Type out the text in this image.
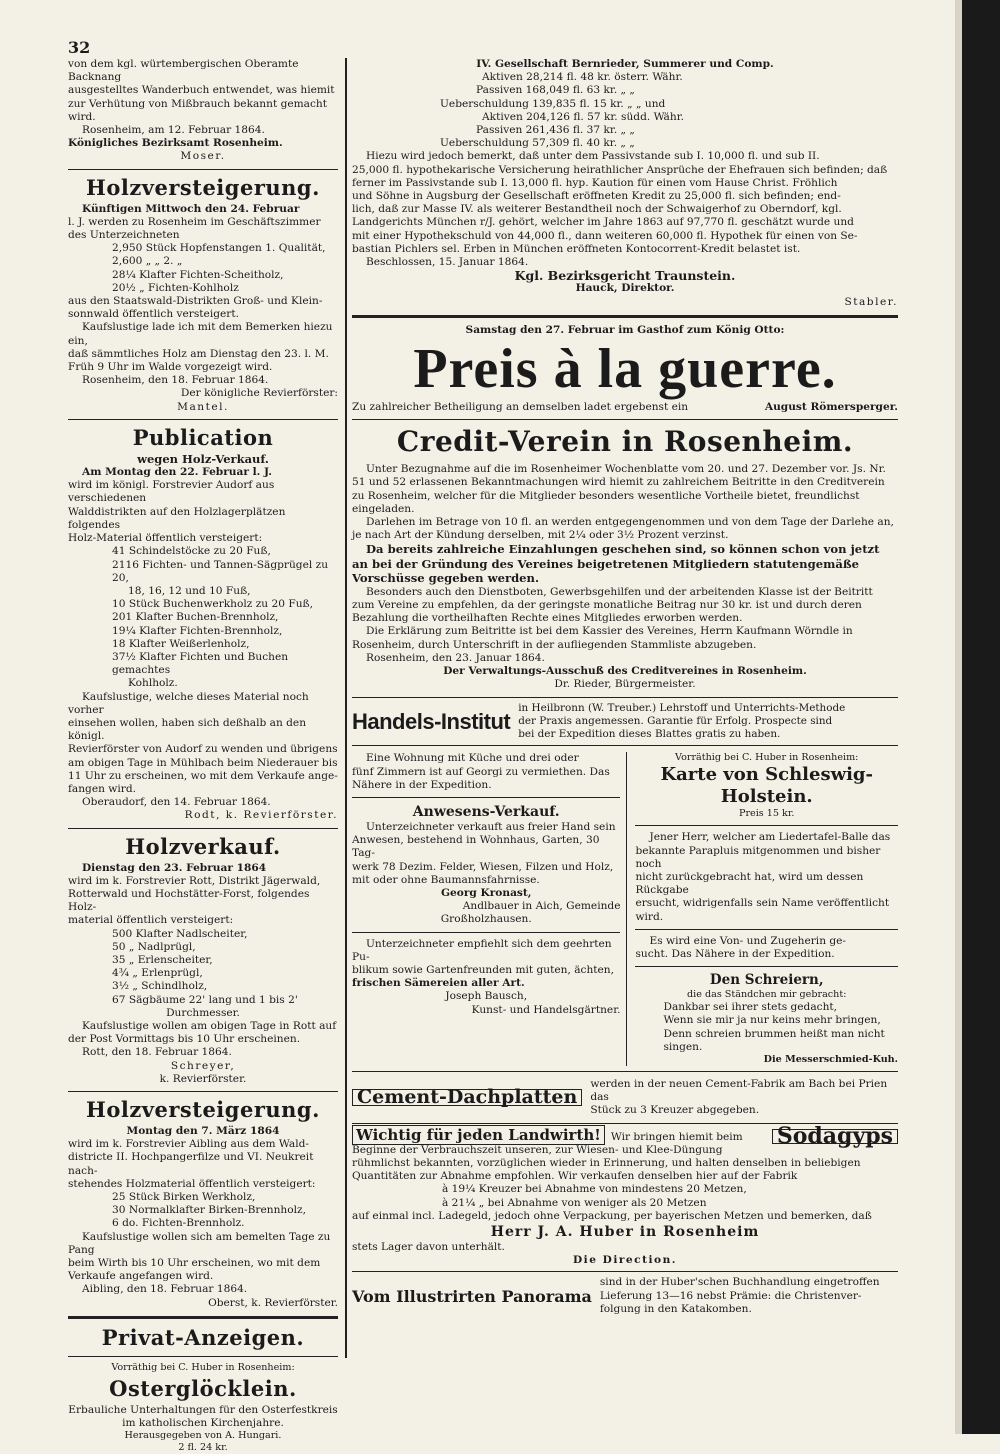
32

von dem kgl. würtembergischen Oberamte Backnang

ausgestelltes Wanderbuch entwendet, was hiemit

zur Verhütung von Mißbrauch bekannt gemacht

wird.

Rosenheim, am 12. Februar 1864.

Königliches Bezirksamt Rosenheim.

Moser.

Holzversteigerung.

Künftigen Mittwoch den 24. Februar

l. J. werden zu Rosenheim im Geschäftszimmer

des Unterzeichneten

2,950 Stück Hopfenstangen 1. Qualität,

2,600 „ „ 2. „

28¼ Klafter Fichten-Scheitholz,

20½ „ Fichten-Kohlholz

aus den Staatswald-Distrikten Groß- und Klein-

sonnwald öffentlich versteigert.

Kaufslustige lade ich mit dem Bemerken hiezu ein,

daß sämmtliches Holz am Dienstag den 23. l. M.

Früh 9 Uhr im Walde vorgezeigt wird.

Rosenheim, den 18. Februar 1864.

Der königliche Revierförster:

Mantel.

Publication

wegen Holz-Verkauf.

Am Montag den 22. Februar l. J.

wird im königl. Forstrevier Audorf aus verschiedenen

Walddistrikten auf den Holzlagerplätzen folgendes

Holz-Material öffentlich versteigert:

41 Schindelstöcke zu 20 Fuß,

2116 Fichten- und Tannen-Sägprügel zu 20,

18, 16, 12 und 10 Fuß,

10 Stück Buchenwerkholz zu 20 Fuß,

201 Klafter Buchen-Brennholz,

19¼ Klafter Fichten-Brennholz,

18 Klafter Weißerlenholz,

37½ Klafter Fichten und Buchen gemachtes

Kohlholz.

Kaufslustige, welche dieses Material noch vorher

einsehen wollen, haben sich deßhalb an den königl.

Revierförster von Audorf zu wenden und übrigens

am obigen Tage in Mühlbach beim Niederauer bis

11 Uhr zu erscheinen, wo mit dem Verkaufe ange-

fangen wird.

Oberaudorf, den 14. Februar 1864.

Rodt, k. Revierförster.

Holzverkauf.

Dienstag den 23. Februar 1864

wird im k. Forstrevier Rott, Distrikt Jägerwald,

Rotterwald und Hochstätter-Forst, folgendes Holz-

material öffentlich versteigert:

500 Klafter Nadlscheiter,

50 „ Nadlprügl,

35 „ Erlenscheiter,

4¾ „ Erlenprügl,

3½ „ Schindlholz,

67 Sägbäume 22' lang und 1 bis 2'

Durchmesser.

Kaufslustige wollen am obigen Tage in Rott auf

der Post Vormittags bis 10 Uhr erscheinen.

Rott, den 18. Februar 1864.

Schreyer,

k. Revierförster.

Holzversteigerung.

Montag den 7. März 1864

wird im k. Forstrevier Aibling aus dem Wald-

districte II. Hochpangerfilze und VI. Neukreit nach-

stehendes Holzmaterial öffentlich versteigert:

25 Stück Birken Werkholz,

30 Normalklafter Birken-Brennholz,

6 do. Fichten-Brennholz.

Kaufslustige wollen sich am bemelten Tage zu Pang

beim Wirth bis 10 Uhr erscheinen, wo mit dem

Verkaufe angefangen wird.

Aibling, den 18. Februar 1864.

Oberst, k. Revierförster.

Privat-Anzeigen.

Vorräthig bei C. Huber in Rosenheim:

Osterglöcklein.

Erbauliche Unterhaltungen für den Osterfestkreis

im katholischen Kirchenjahre.

Herausgegeben von A. Hungari.

2 fl. 24 kr.

IV. Gesellschaft Bernrieder, Summerer und Comp.

Aktiven 28,214 fl. 48 kr. österr. Währ.

Passiven 168,049 fl. 63 kr. „ „

Ueberschuldung 139,835 fl. 15 kr. „ „ und

Aktiven 204,126 fl. 57 kr. südd. Währ.

Passiven 261,436 fl. 37 kr. „ „

Ueberschuldung 57,309 fl. 40 kr. „ „

Hiezu wird jedoch bemerkt, daß unter dem Passivstande sub I. 10,000 fl. und sub II.

25,000 fl. hypothekarische Versicherung heirathlicher Ansprüche der Ehefrauen sich befinden; daß

ferner im Passivstande sub I. 13,000 fl. hyp. Kaution für einen vom Hause Christ. Fröhlich

und Söhne in Augsburg der Gesellschaft eröffneten Kredit zu 25,000 fl. sich befinden; end-

lich, daß zur Masse IV. als weiterer Bestandtheil noch der Schwaigerhof zu Oberndorf, kgl.

Landgerichts München r/J. gehört, welcher im Jahre 1863 auf 97,770 fl. geschätzt wurde und

mit einer Hypothekschuld von 44,000 fl., dann weiteren 60,000 fl. Hypothek für einen von Se-

bastian Pichlers sel. Erben in München eröffneten Kontocorrent-Kredit belastet ist.

Beschlossen, 15. Januar 1864.

Kgl. Bezirksgericht Traunstein.

Hauck, Direktor.

Stabler.

Samstag den 27. Februar im Gasthof zum König Otto:

Preis à la guerre.
Zu zahlreicher Betheiligung an demselben ladet ergebenst ein	August Römersperger.
Credit-Verein in Rosenheim.

Unter Bezugnahme auf die im Rosenheimer Wochenblatte vom 20. und 27. Dezember vor. Js. Nr. 51 und 52 erlassenen Bekanntmachungen wird hiemit zu zahlreichem Beitritte in den Creditverein zu Rosenheim, welcher für die Mitglieder besonders wesentliche Vortheile bietet, freundlichst eingeladen.

Darlehen im Betrage von 10 fl. an werden entgegengenommen und von dem Tage der Darlehe an, je nach Art der Kündung derselben, mit 2¼ oder 3½ Prozent verzinst.

Da bereits zahlreiche Einzahlungen geschehen sind, so können schon von jetzt an bei der Gründung des Vereines beigetretenen Mitgliedern statutengemäße Vorschüsse gegeben werden.

Besonders auch den Dienstboten, Gewerbsgehilfen und der arbeitenden Klasse ist der Beitritt zum Vereine zu empfehlen, da der geringste monatliche Beitrag nur 30 kr. ist und durch deren Bezahlung die vortheilhaften Rechte eines Mitgliedes erworben werden.

Die Erklärung zum Beitritte ist bei dem Kassier des Vereines, Herrn Kaufmann Wörndle in Rosenheim, durch Unterschrift in der aufliegenden Stammliste abzugeben.

Rosenheim, den 23. Januar 1864.

Der Verwaltungs-Ausschuß des Creditvereines in Rosenheim.

Dr. Rieder, Bürgermeister.

Handels-Institut

in Heilbronn (W. Treuber.) Lehrstoff und Unterrichts-Methode

der Praxis angemessen. Garantie für Erfolg. Prospecte sind

bei der Expedition dieses Blattes gratis zu haben.

Eine Wohnung mit Küche und drei oder

fünf Zimmern ist auf Georgi zu vermiethen. Das

Nähere in der Expedition.

Anwesens-Verkauf.

Unterzeichneter verkauft aus freier Hand sein

Anwesen, bestehend in Wohnhaus, Garten, 30 Tag-

werk 78 Dezim. Felder, Wiesen, Filzen und Holz,

mit oder ohne Baumannsfahrnisse.

Georg Kronast,

Andlbauer in Aich, Gemeinde

Großholzhausen.

Unterzeichneter empfiehlt sich dem geehrten Pu-

blikum sowie Gartenfreunden mit guten, ächten,

frischen Sämereien aller Art.

Joseph Bausch,

Kunst- und Handelsgärtner.

Vorräthig bei C. Huber in Rosenheim:

Karte von Schleswig-Holstein.

Preis 15 kr.

Jener Herr, welcher am Liedertafel-Balle das

bekannte Parapluis mitgenommen und bisher noch

nicht zurückgebracht hat, wird um dessen Rückgabe

ersucht, widrigenfalls sein Name veröffentlicht wird.

Es wird eine Von- und Zugeherin ge-

sucht. Das Nähere in der Expedition.

Den Schreiern,

die das Ständchen mir gebracht:

Dankbar sei ihrer stets gedacht,

Wenn sie mir ja nur keins mehr bringen,

Denn schreien brummen heißt man nicht singen.

Die Messerschmied-Kuh.

Cement-Dachplatten

werden in der neuen Cement-Fabrik am Bach bei Prien das

Stück zu 3 Kreuzer abgegeben.

Sodagyps

Wichtig für jeden Landwirth! Wir bringen hiemit beim Beginne der Verbrauchszeit unseren, zur Wiesen- und Klee-Düngung rühmlichst bekannten, vorzüglichen wieder in Erinnerung, und halten denselben in beliebigen Quantitäten zur Abnahme empfohlen. Wir verkaufen denselben hier auf der Fabrik

à 19¼ Kreuzer bei Abnahme von mindestens 20 Metzen,

à 21¼ „ bei Abnahme von weniger als 20 Metzen

auf einmal incl. Ladegeld, jedoch ohne Verpackung, per bayerischen Metzen und bemerken, daß

Herr J. A. Huber in Rosenheim

stets Lager davon unterhält.

Die Direction.

Vom Illustrirten Panorama

sind in der Huber'schen Buchhandlung eingetroffen

Lieferung 13—16 nebst Prämie: die Christenver-

folgung in den Katakomben.
